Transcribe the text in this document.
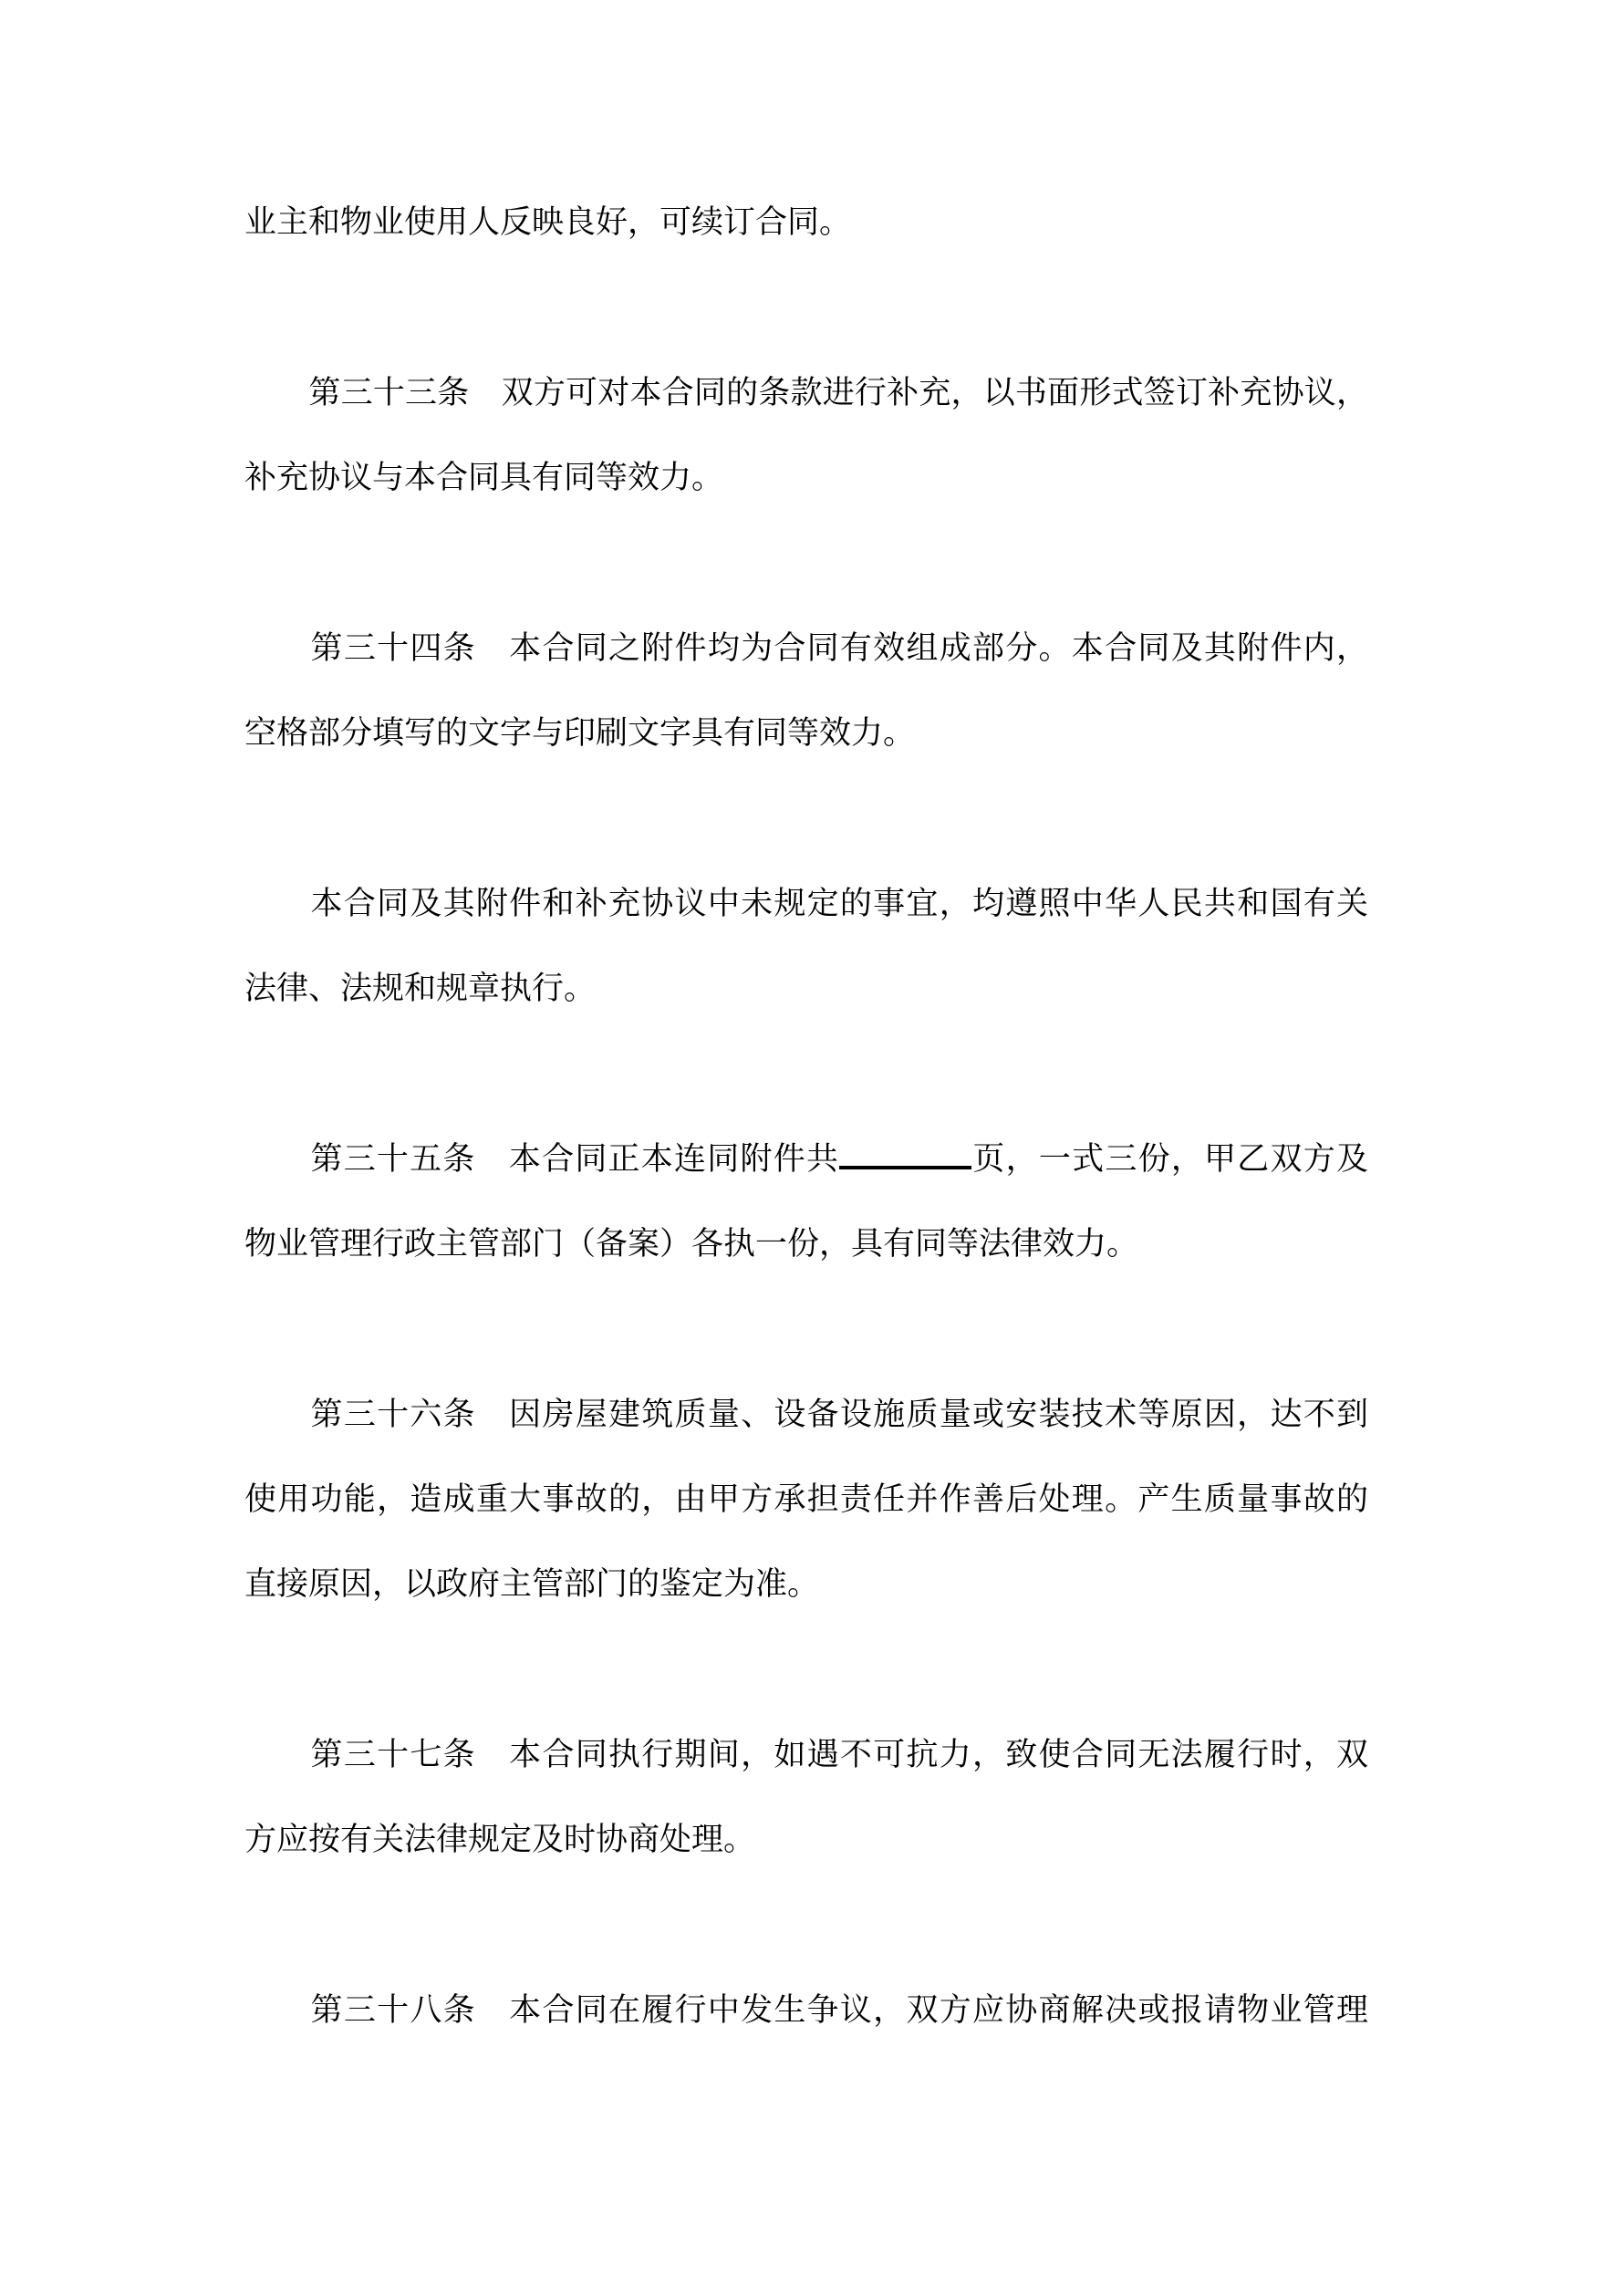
业主和物业使用人反映良好，可续订合同。
　　第三十三条　双方可对本合同的条款进行补充，以书面形式签订补充协议，
补充协议与本合同具有同等效力。
　　第三十四条　本合同之附件均为合同有效组成部分。本合同及其附件内，
空格部分填写的文字与印刷文字具有同等效力。
　　本合同及其附件和补充协议中未规定的事宜，均遵照中华人民共和国有关
法律、法规和规章执行。
　　第三十五条　本合同正本连同附件共	页，一式三份，甲乙双方及
物业管理行政主管部门（备案）各执一份，具有同等法律效力。
　　第三十六条　因房屋建筑质量、设备设施质量或安装技术等原因，达不到
使用功能，造成重大事故的，由甲方承担责任并作善后处理。产生质量事故的
直接原因，以政府主管部门的鉴定为准。
　　第三十七条　本合同执行期间，如遇不可抗力，致使合同无法履行时，双
方应按有关法律规定及时协商处理。
　　第三十八条　本合同在履行中发生争议，双方应协商解决或报请物业管理
